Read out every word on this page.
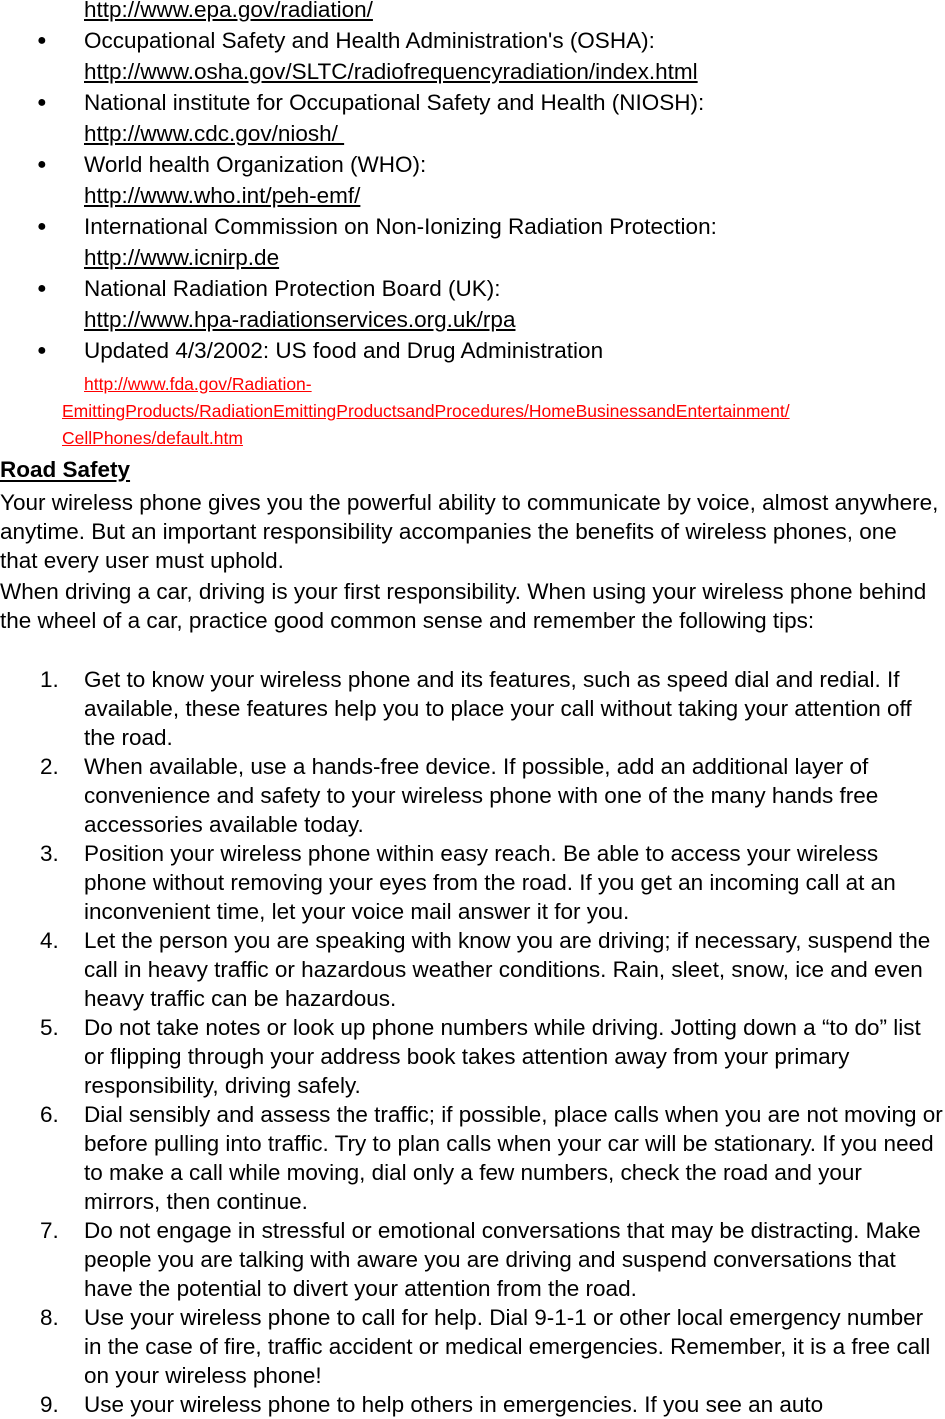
http://www.epa.gov/radiation/
● Occupational Safety and Health Administration's (OSHA):
http://www.osha.gov/SLTC/radiofrequencyradiation/index.html
● National institute for Occupational Safety and Health (NIOSH):
http://www.cdc.gov/niosh/
● World health Organization (WHO):
http://www.who.int/peh-emf/
● International Commission on Non-Ionizing Radiation Protection:
http://www.icnirp.de
● National Radiation Protection Board (UK):
http://www.hpa-radiationservices.org.uk/rpa
● Updated 4/3/2002: US food and Drug Administration
http://www.fda.gov/Radiation-
EmittingProducts/RadiationEmittingProductsandProcedures/HomeBusinessandEntertainment/
CellPhones/default.htm
Road Safety
Your wireless phone gives you the powerful ability to communicate by voice, almost anywhere, anytime. But an important responsibility accompanies the benefits of wireless phones, one that every user must uphold.
When driving a car, driving is your first responsibility. When using your wireless phone behind the wheel of a car, practice good common sense and remember the following tips:
1. Get to know your wireless phone and its features, such as speed dial and redial. If available, these features help you to place your call without taking your attention off the road.
2. When available, use a hands-free device. If possible, add an additional layer of convenience and safety to your wireless phone with one of the many hands free accessories available today.
3. Position your wireless phone within easy reach. Be able to access your wireless phone without removing your eyes from the road. If you get an incoming call at an inconvenient time, let your voice mail answer it for you.
4. Let the person you are speaking with know you are driving; if necessary, suspend the call in heavy traffic or hazardous weather conditions. Rain, sleet, snow, ice and even heavy traffic can be hazardous.
5. Do not take notes or look up phone numbers while driving. Jotting down a “to do” list or flipping through your address book takes attention away from your primary responsibility, driving safely.
6. Dial sensibly and assess the traffic; if possible, place calls when you are not moving or before pulling into traffic. Try to plan calls when your car will be stationary. If you need to make a call while moving, dial only a few numbers, check the road and your mirrors, then continue.
7. Do not engage in stressful or emotional conversations that may be distracting. Make people you are talking with aware you are driving and suspend conversations that have the potential to divert your attention from the road.
8. Use your wireless phone to call for help. Dial 9-1-1 or other local emergency number in the case of fire, traffic accident or medical emergencies. Remember, it is a free call on your wireless phone!
9. Use your wireless phone to help others in emergencies. If you see an auto
